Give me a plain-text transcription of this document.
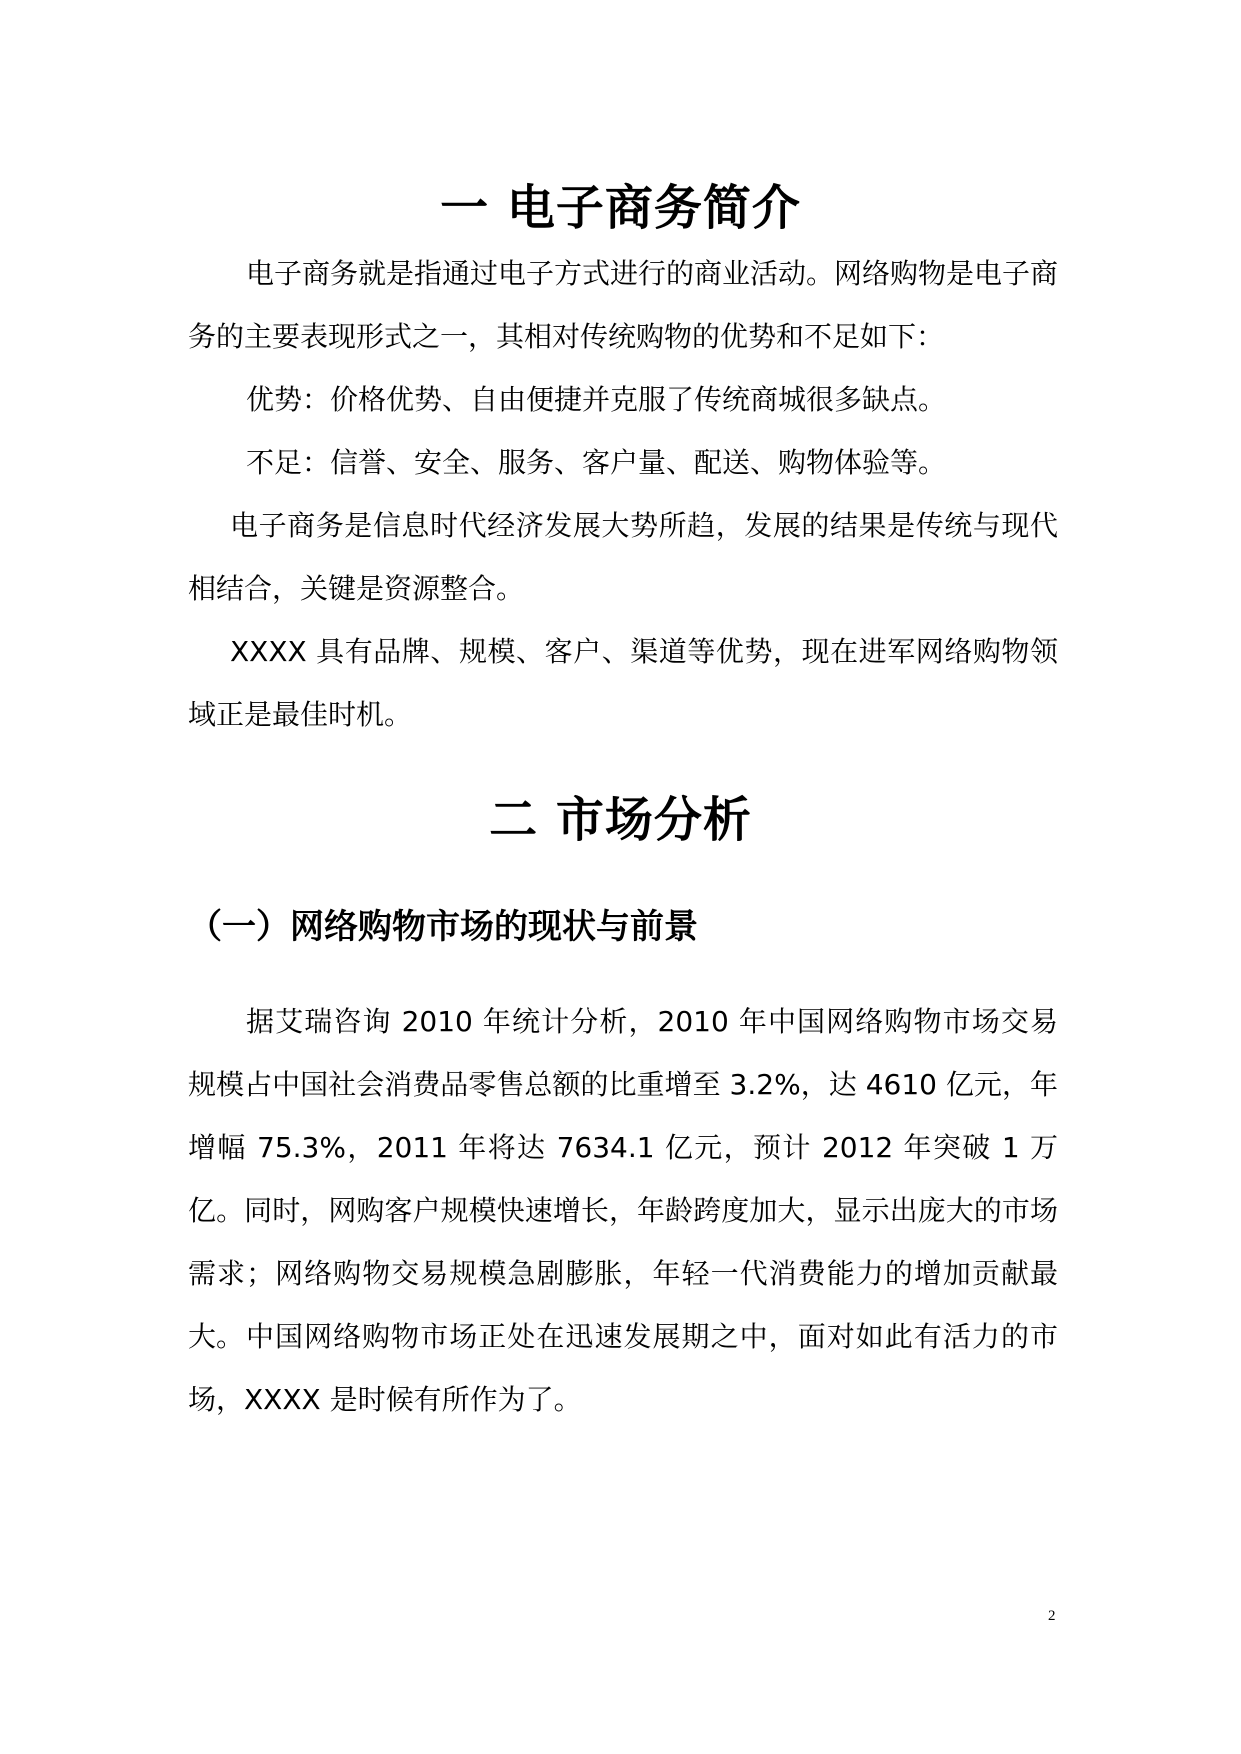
一 电子商务简介

电子商务就是指通过电子方式进行的商业活动。网络购物是电子商务的主要表现形式之一，其相对传统购物的优势和不足如下：

优势：价格优势、自由便捷并克服了传统商城很多缺点。

不足：信誉、安全、服务、客户量、配送、购物体验等。

电子商务是信息时代经济发展大势所趋，发展的结果是传统与现代相结合，关键是资源整合。

XXXX 具有品牌、规模、客户、渠道等优势，现在进军网络购物领域正是最佳时机。

二 市场分析
（一）网络购物市场的现状与前景

据艾瑞咨询 2010 年统计分析，2010 年中国网络购物市场交易规模占中国社会消费品零售总额的比重增至 3.2%，达 4610 亿元，年增幅 75.3%，2011 年将达 7634.1 亿元，预计 2012 年突破 1 万亿。同时，网购客户规模快速增长，年龄跨度加大，显示出庞大的市场需求；网络购物交易规模急剧膨胀，年轻一代消费能力的增加贡献最大。 中国网络购物市场正处在迅速发展期之中，面对如此有活力的市场，XXXX 是时候有所作为了。

2
